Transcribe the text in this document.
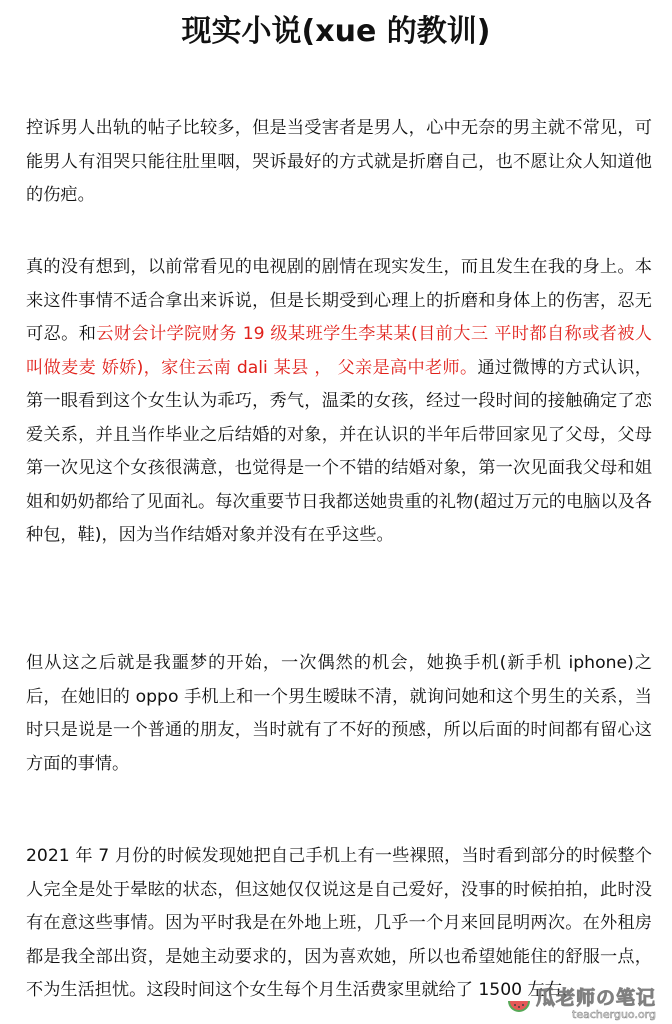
现实小说(xue 的教训)

控诉男人出轨的帖子比较多，但是当受害者是男人，心中无奈的男主就不常见，可能男人有泪哭只能往肚里咽，哭诉最好的方式就是折磨自己，也不愿让众人知道他的伤疤。

真的没有想到，以前常看见的电视剧的剧情在现实发生，而且发生在我的身上。本来这件事情不适合拿出来诉说，但是长期受到心理上的折磨和身体上的伤害，忍无可忍。和云财会计学院财务 19 级某班学生李某某(目前大三 平时都自称或者被人叫做麦麦 娇娇)，家住云南 dali 某县 ， 父亲是高中老师。通过微博的方式认识，第一眼看到这个女生认为乖巧，秀气，温柔的女孩，经过一段时间的接触确定了恋爱关系，并且当作毕业之后结婚的对象，并在认识的半年后带回家见了父母，父母第一次见这个女孩很满意，也觉得是一个不错的结婚对象，第一次见面我父母和姐姐和奶奶都给了见面礼。每次重要节日我都送她贵重的礼物(超过万元的电脑以及各种包，鞋)，因为当作结婚对象并没有在乎这些。

但从这之后就是我噩梦的开始，一次偶然的机会，她换手机(新手机 iphone)之后，在她旧的 oppo 手机上和一个男生暧昧不清，就询问她和这个男生的关系，当时只是说是一个普通的朋友，当时就有了不好的预感，所以后面的时间都有留心这方面的事情。

2021 年 7 月份的时候发现她把自己手机上有一些裸照，当时看到部分的时候整个人完全是处于晕眩的状态，但这她仅仅说这是自己爱好，没事的时候拍拍，此时没有在意这些事情。因为平时我是在外地上班，几乎一个月来回昆明两次。在外租房都是我全部出资，是她主动要求的，因为喜欢她，所以也希望她能住的舒服一点，不为生活担忧。这段时间这个女生每个月生活费家里就给了 1500 左右，

瓜老师の笔记
teacherguo.org
